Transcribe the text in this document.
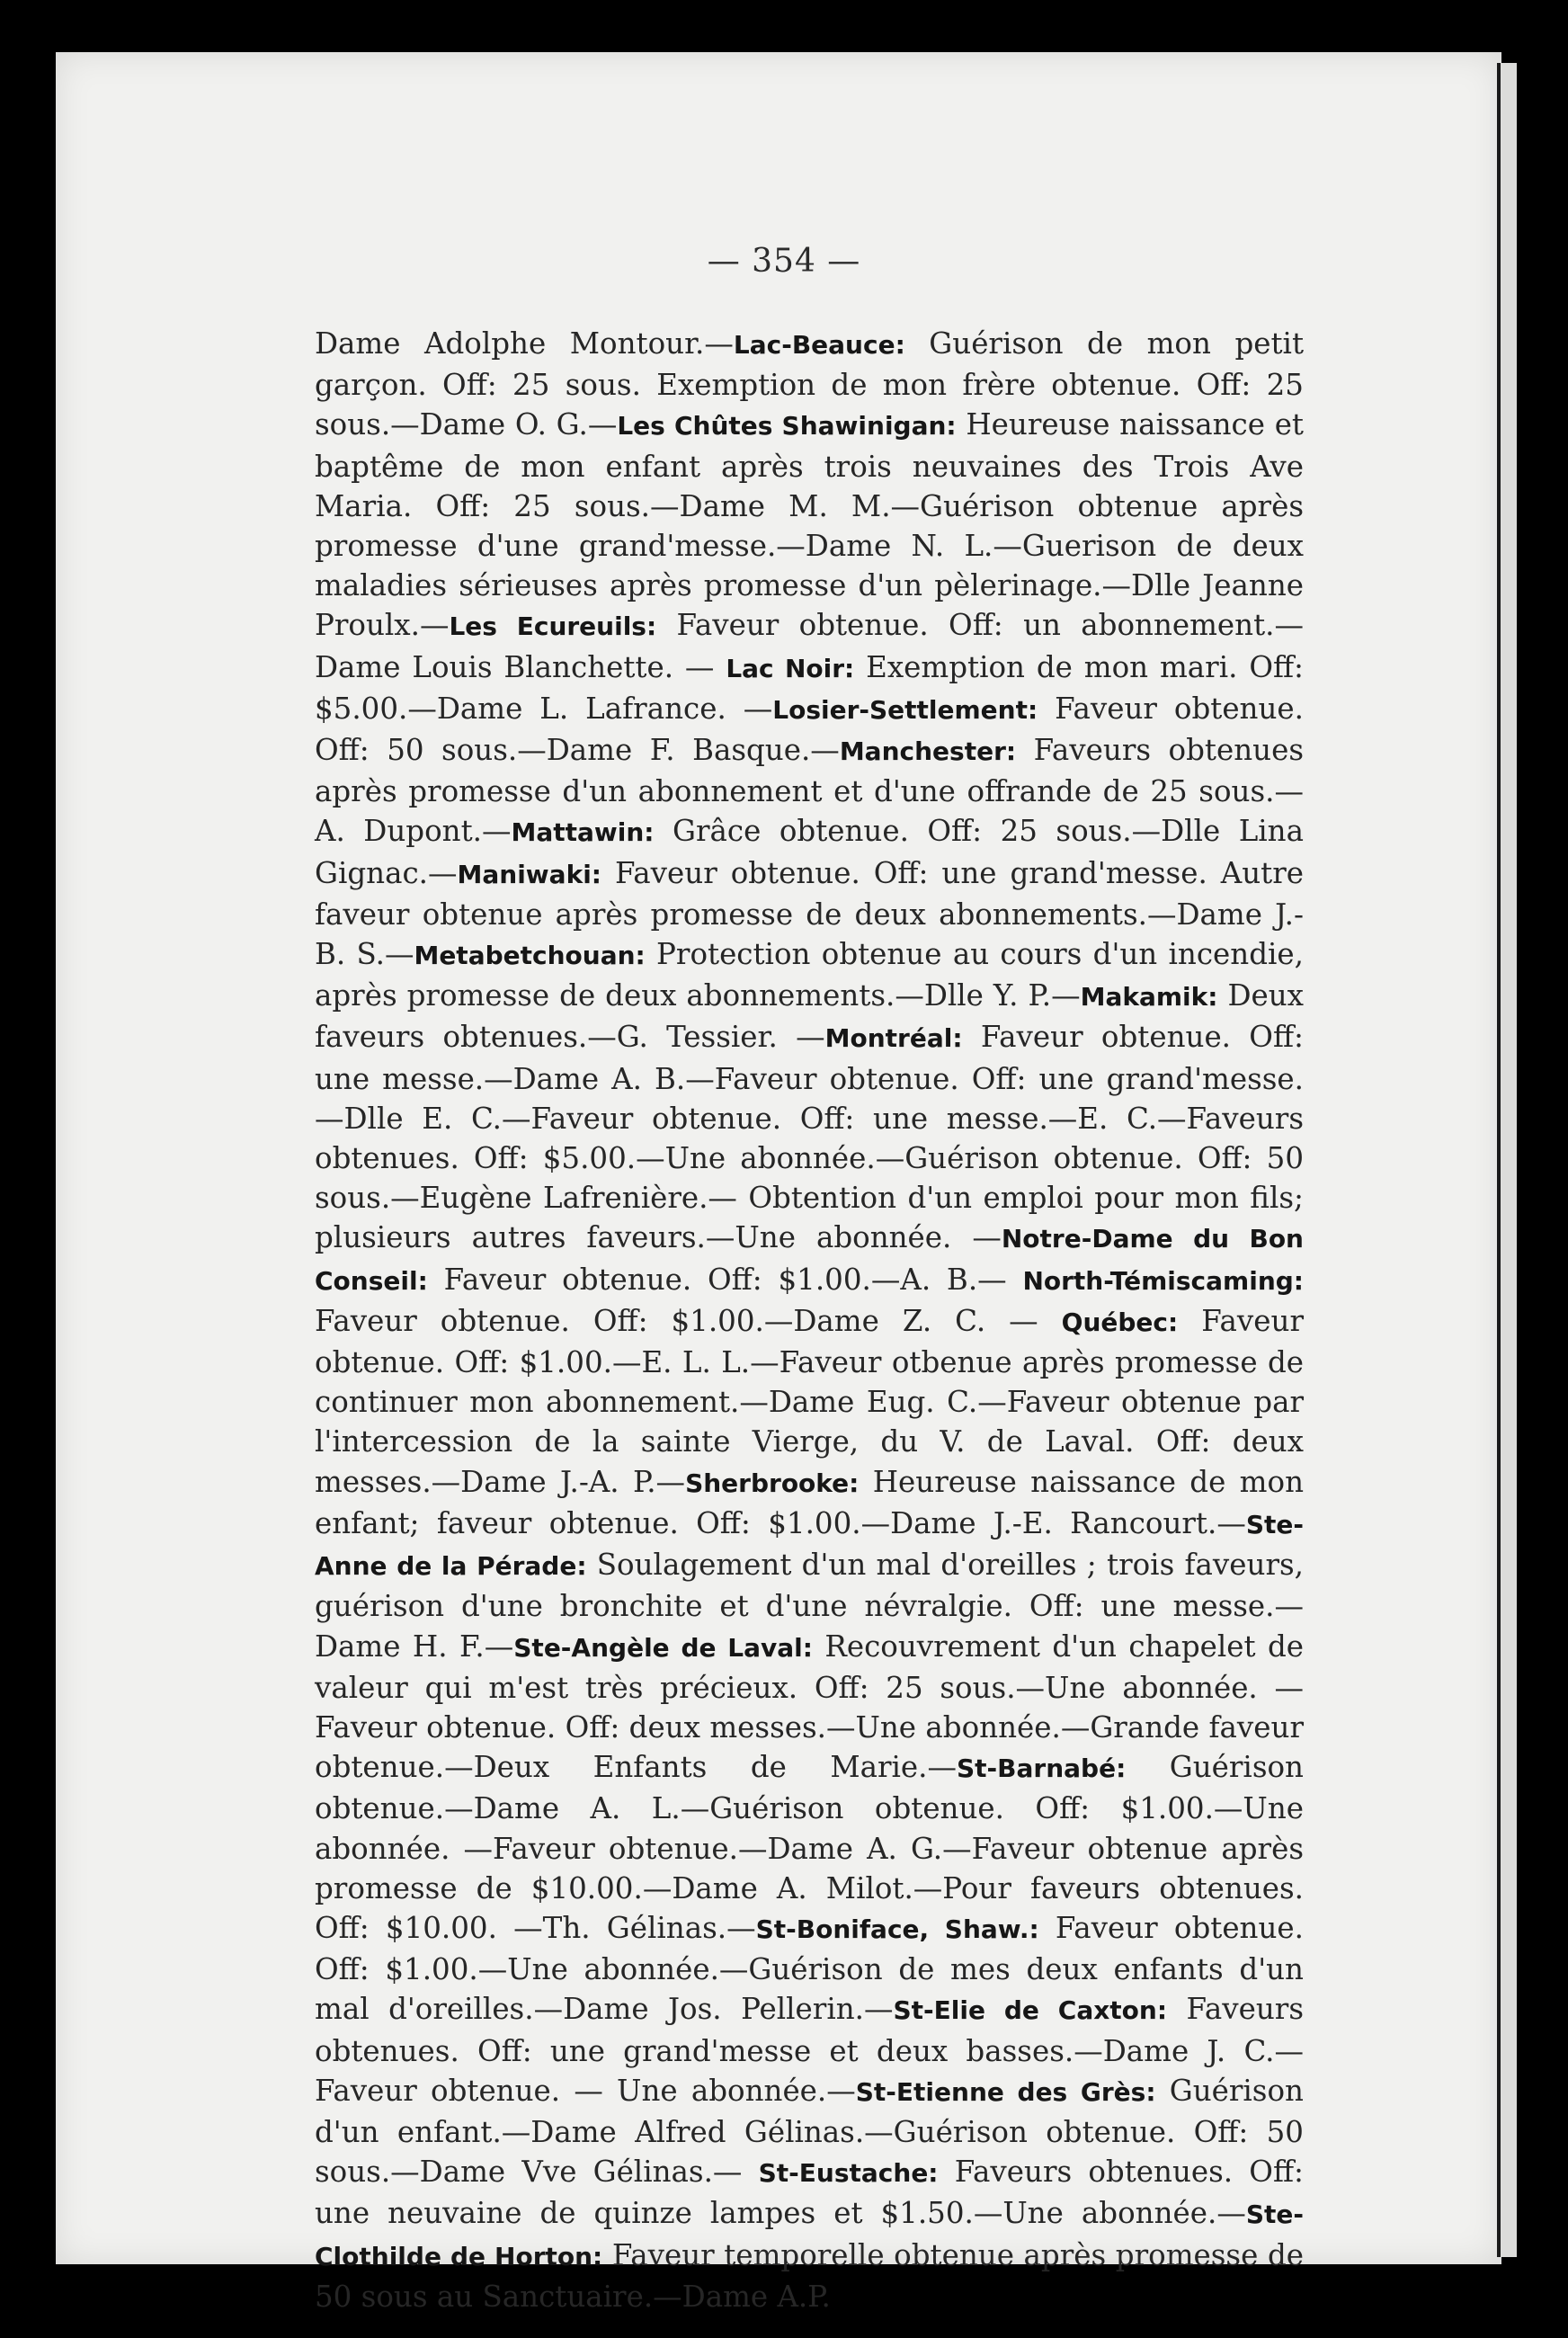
— 354 —
Dame Adolphe Montour.—Lac-Beauce: Guérison de mon petit garçon. Off: 25 sous. Exemption de mon frère obtenue. Off: 25 sous.—Dame O. G.—Les Chûtes Shawinigan: Heureuse naissance et baptême de mon enfant après trois neuvaines des Trois Ave Maria. Off: 25 sous.—Dame M. M.—Guérison obtenue après promesse d'une grand'messe.—Dame N. L.—Guerison de deux maladies sérieuses après promesse d'un pèlerinage.—Dlle Jeanne Proulx.—Les Ecureuils: Faveur obtenue. Off: un abonnement.—Dame Louis Blanchette. — Lac Noir: Exemption de mon mari. Off: $5.00.—Dame L. Lafrance. —Losier-Settlement: Faveur obtenue. Off: 50 sous.—Dame F. Basque.—Manchester: Faveurs obtenues après promesse d'un abonnement et d'une offrande de 25 sous.—A. Dupont.—Mattawin: Grâce obtenue. Off: 25 sous.—Dlle Lina Gignac.—Maniwaki: Faveur obtenue. Off: une grand'messe. Autre faveur obtenue après promesse de deux abonnements.—Dame J.-B. S.—Metabetchouan: Protection obtenue au cours d'un incendie, après promesse de deux abonnements.—Dlle Y. P.—Makamik: Deux faveurs obtenues.—G. Tessier. —Montréal: Faveur obtenue. Off: une messe.—Dame A. B.—Faveur obtenue. Off: une grand'messe.—Dlle E. C.—Faveur obtenue. Off: une messe.—E. C.—Faveurs obtenues. Off: $5.00.—Une abonnée.—Guérison obtenue. Off: 50 sous.—Eugène Lafrenière.— Obtention d'un emploi pour mon fils; plusieurs autres faveurs.—Une abonnée. —Notre-Dame du Bon Conseil: Faveur obtenue. Off: $1.00.—A. B.— North-Témiscaming: Faveur obtenue. Off: $1.00.—Dame Z. C. — Québec: Faveur obtenue. Off: $1.00.—E. L. L.—Faveur otbenue après promesse de continuer mon abonnement.—Dame Eug. C.—Faveur obtenue par l'intercession de la sainte Vierge, du V. de Laval. Off: deux messes.—Dame J.-A. P.—Sherbrooke: Heureuse naissance de mon enfant; faveur obtenue. Off: $1.00.—Dame J.-E. Rancourt.—Ste-Anne de la Pérade: Soulagement d'un mal d'oreilles ; trois faveurs, guérison d'une bronchite et d'une névralgie. Off: une messe.—Dame H. F.—Ste-Angèle de Laval: Recouvrement d'un chapelet de valeur qui m'est très précieux. Off: 25 sous.—Une abonnée. —Faveur obtenue. Off: deux messes.—Une abonnée.—Grande faveur obtenue.—Deux Enfants de Marie.—St-Barnabé: Guérison obtenue.—Dame A. L.—Guérison obtenue. Off: $1.00.—Une abonnée. —Faveur obtenue.—Dame A. G.—Faveur obtenue après promesse de $10.00.—Dame A. Milot.—Pour faveurs obtenues. Off: $10.00. —Th. Gélinas.—St-Boniface, Shaw.: Faveur obtenue. Off: $1.00.—Une abonnée.—Guérison de mes deux enfants d'un mal d'oreilles.—Dame Jos. Pellerin.—St-Elie de Caxton: Faveurs obtenues. Off: une grand'messe et deux basses.—Dame J. C.—Faveur obtenue. — Une abonnée.—St-Etienne des Grès: Guérison d'un enfant.—Dame Alfred Gélinas.—Guérison obtenue. Off: 50 sous.—Dame Vve Gélinas.— St-Eustache: Faveurs obtenues. Off: une neuvaine de quinze lampes et $1.50.—Une abonnée.—Ste-Clothilde de Horton: Faveur temporelle obtenue après promesse de 50 sous au Sanctuaire.—Dame A.P.
